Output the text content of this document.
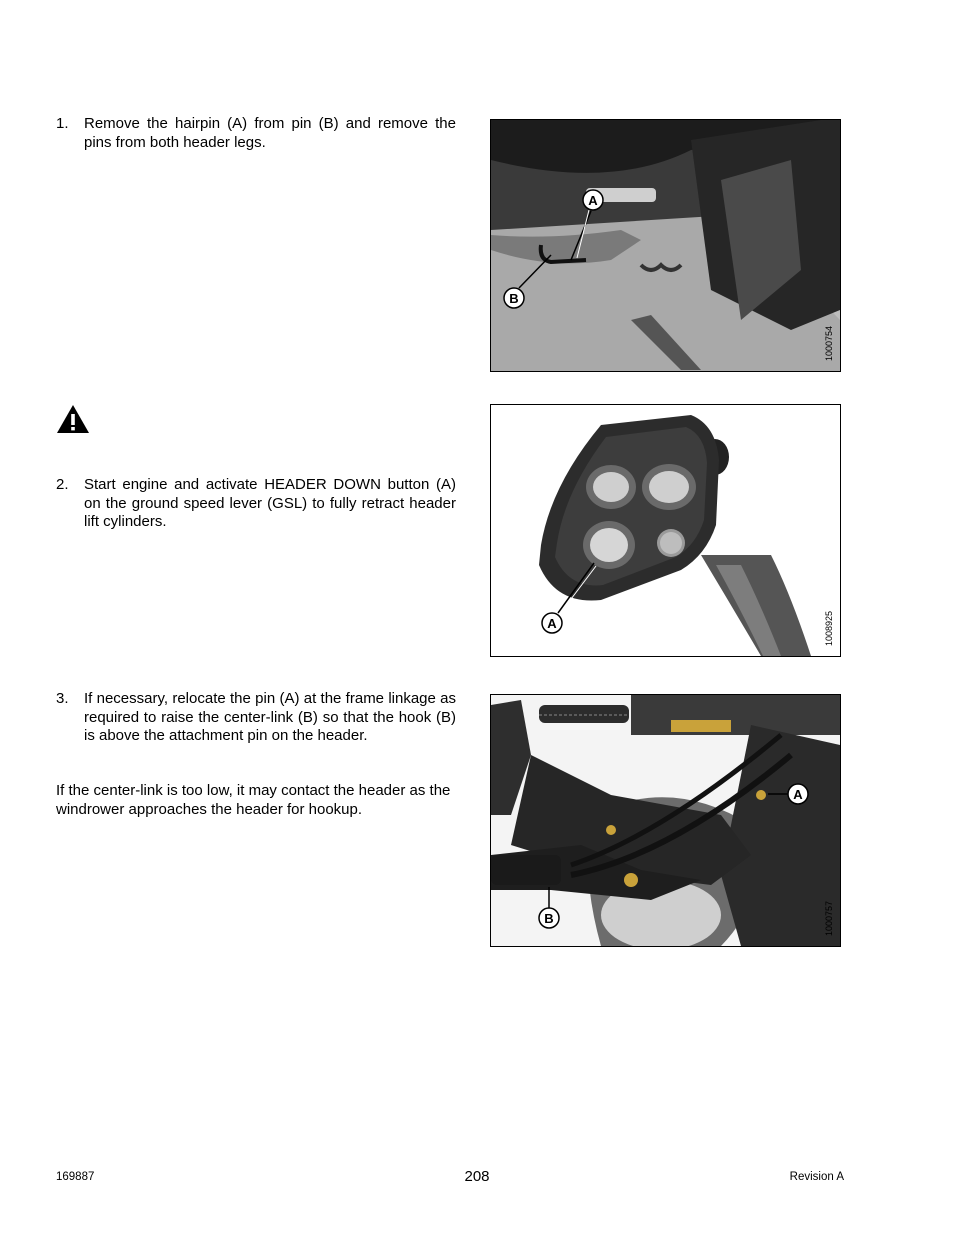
1. Remove the hairpin (A) from pin (B) and remove the pins from both header legs.
A
B
1000754
2. Start engine and activate HEADER DOWN button (A) on the ground speed lever (GSL) to fully retract header lift cylinders.
A	1008925
3. If necessary, relocate the pin (A) at the frame linkage as required to raise the center-link (B) so that the hook (B) is above the attachment pin on the header.
If the center-link is too low, it may contact the header as the windrower approaches the header for hookup.
A
B	1000757
169887	208	Revision A
